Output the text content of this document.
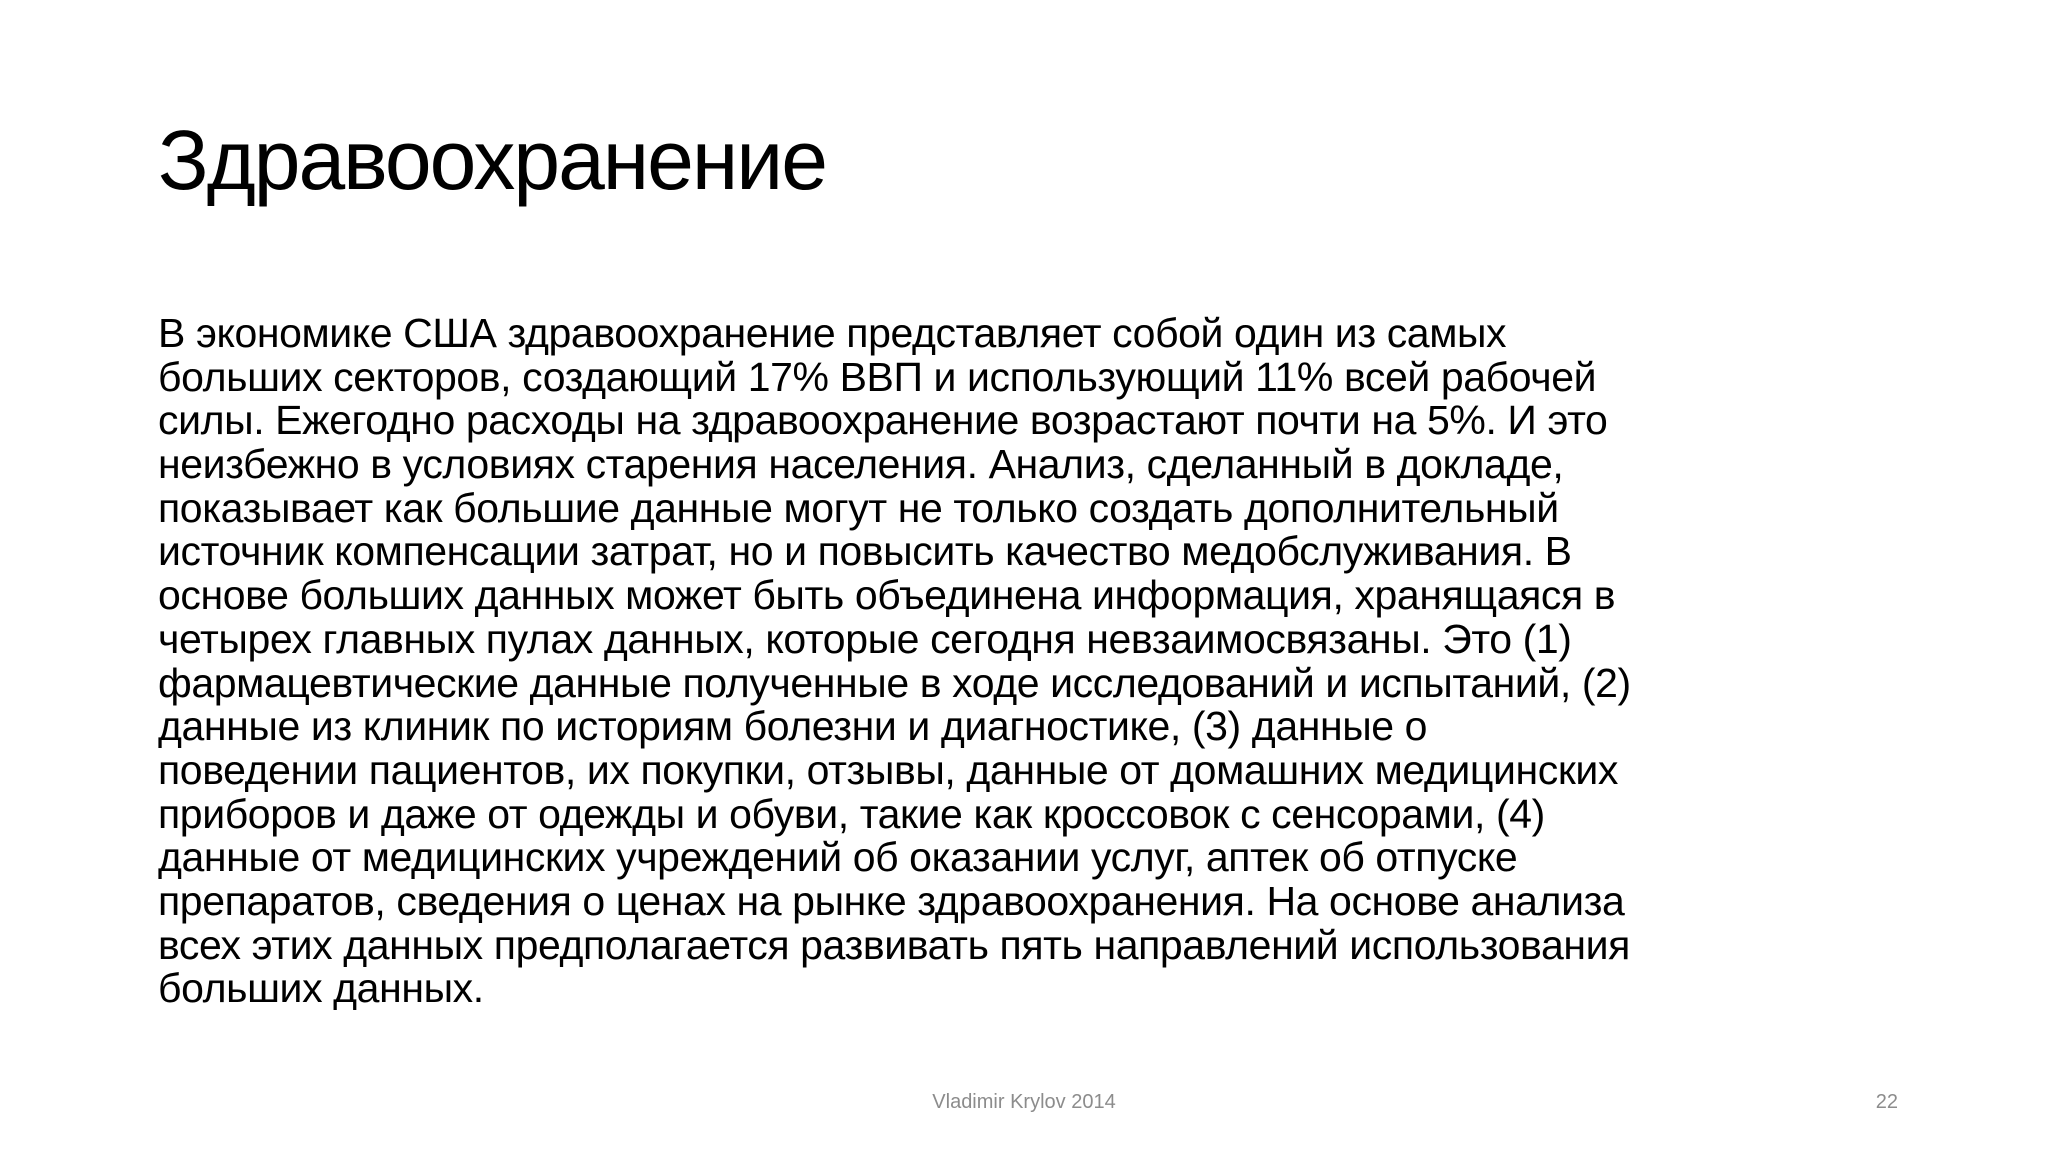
Здравоохранение
В экономике США здравоохранение представляет собой один из самых
больших секторов, создающий 17% ВВП и использующий 11% всей рабочей
силы. Ежегодно расходы на здравоохранение возрастают почти на 5%. И это
неизбежно в условиях старения населения. Анализ, сделанный в докладе,
показывает как большие данные могут не только создать дополнительный
источник компенсации затрат, но и повысить качество медобслуживания. В
основе больших данных может быть объединена информация, хранящаяся в
четырех главных пулах данных, которые сегодня невзаимосвязаны. Это (1)
фармацевтические данные полученные в ходе исследований и испытаний, (2)
данные из клиник по историям болезни и диагностике, (3) данные о
поведении пациентов, их покупки, отзывы, данные от домашних медицинских
приборов и даже от одежды и обуви, такие как кроссовок с сенсорами, (4)
данные от медицинских учреждений об оказании услуг, аптек об отпуске
препаратов, сведения о ценах на рынке здравоохранения. На основе анализа
всех этих данных предполагается развивать пять направлений использования
больших данных.
Vladimir Krylov 2014	22
